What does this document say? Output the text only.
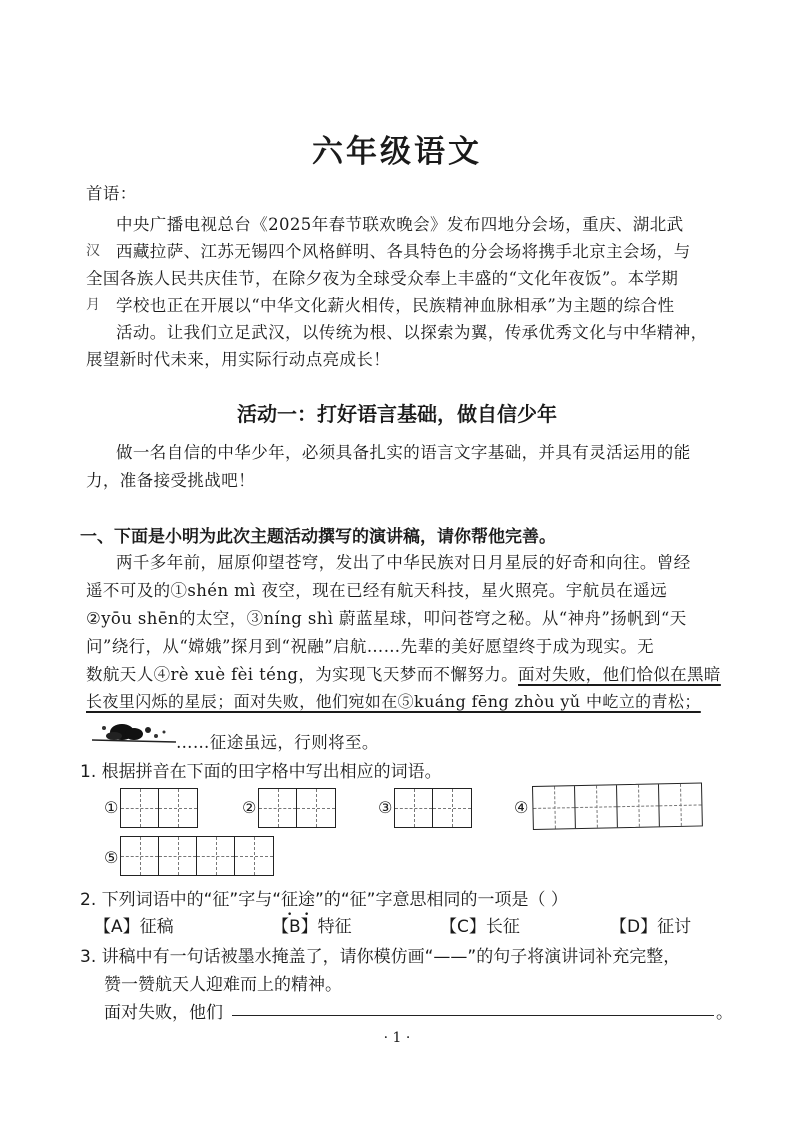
六年级语文
首语：
中央广播电视总台《2025年春节联欢晚会》发布四地分会场，重庆、湖北武
汉 西藏拉萨、江苏无锡四个风格鲜明、各具特色的分会场将携手北京主会场，与
全国各族人民共庆佳节，在除夕夜为全球受众奉上丰盛的“文化年夜饭”。本学期
月 学校也正在开展以“中华文化薪火相传，民族精神血脉相承”为主题的综合性
活动。让我们立足武汉，以传统为根、以探索为翼，传承优秀文化与中华精神，
展望新时代未来，用实际行动点亮成长！
活动一：打好语言基础，做自信少年
做一名自信的中华少年，必须具备扎实的语言文字基础，并具有灵活运用的能
力，准备接受挑战吧！
一、下面是小明为此次主题活动撰写的演讲稿，请你帮他完善。
两千多年前，屈原仰望苍穹，发出了中华民族对日月星辰的好奇和向往。曾经
遥不可及的①shén mì 夜空，现在已经有航天科技，星火照亮。宇航员在遥远
②yōu shēn的太空，③níng shì 蔚蓝星球，叩问苍穹之秘。从“神舟”扬帆到“天
问”绕行，从“嫦娥”探月到“祝融”启航……先辈的美好愿望终于成为现实。无
数航天人④rè xuè fèi téng，为实现飞天梦而不懈努力。面对失败，他们恰似在黑暗
长夜里闪烁的星辰；面对失败，他们宛如在⑤kuáng fēng zhòu yǔ 中屹立的青松；
……征途虽远，行则将至。
1. 根据拼音在下面的田字格中写出相应的词语。
①	②	③	④
⑤
2. 下列词语中的“征”字与“征途”的“征”字意思相同的一项是（ ）
【A】征稿	【B】特征	【C】长征	【D】征讨
3. 讲稿中有一句话被墨水掩盖了，请你模仿画“——”的句子将演讲词补充完整，
赞一赞航天人迎难而上的精神。
面对失败，他们	。
· 1 ·
